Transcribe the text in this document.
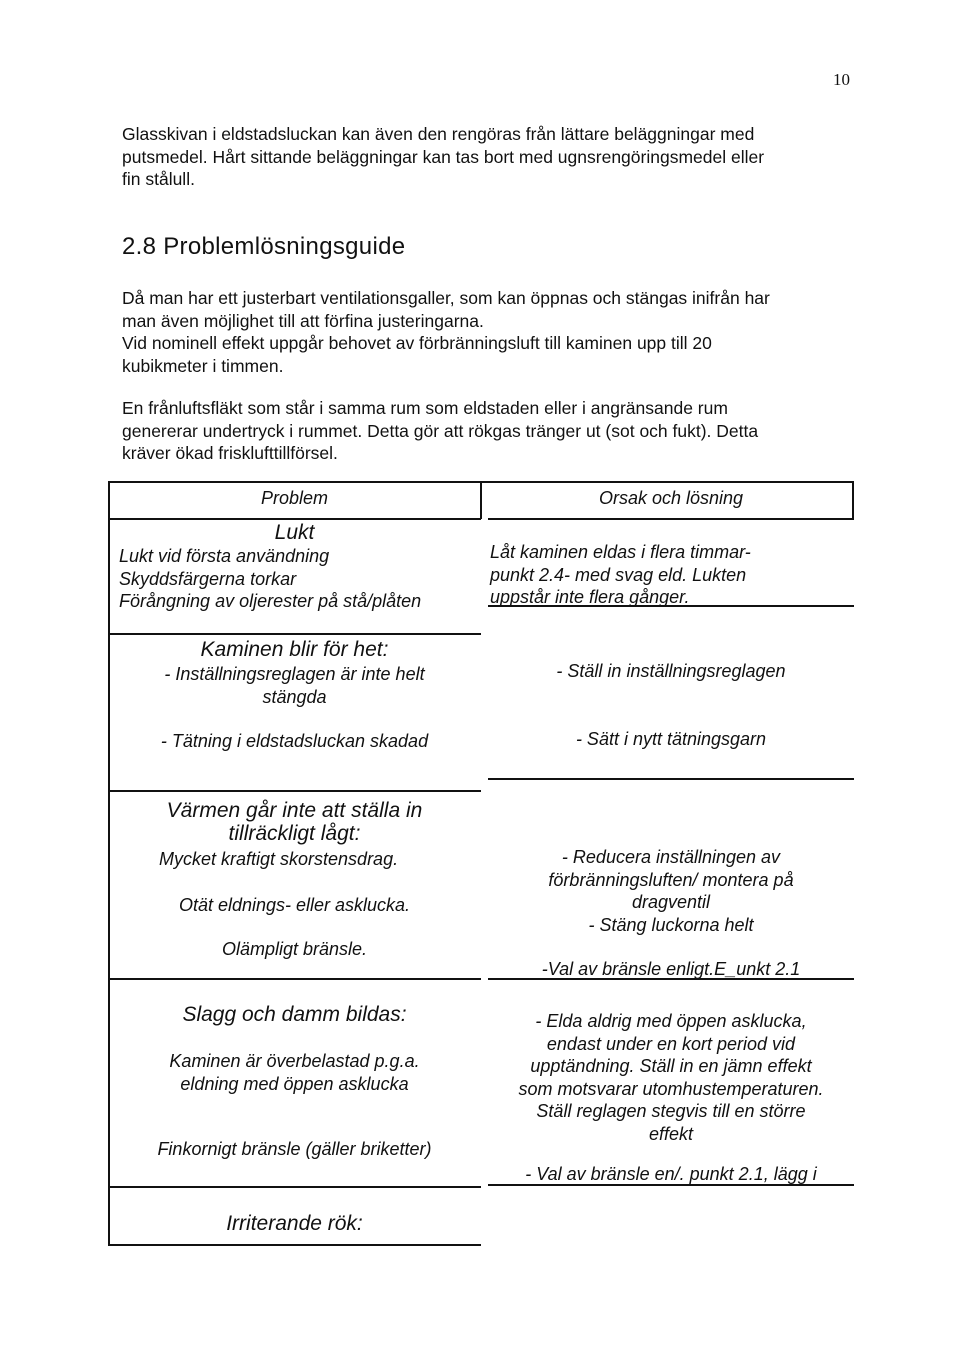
10

Glasskivan i eldstadsluckan kan även den rengöras från lättare beläggningar med
putsmedel. Hårt sittande beläggningar kan tas bort med ugnsrengöringsmedel eller
fin stålull.

2.8 Problemlösningsguide

Då man har ett justerbart ventilationsgaller, som kan öppnas och stängas inifrån har
man även möjlighet till att förfina justeringarna.
Vid nominell effekt uppgår behovet av förbränningsluft till kaminen upp till 20
kubikmeter i timmen.

En frånluftsfläkt som står i samma rum som eldstaden eller i angränsande rum
genererar undertryck i rummet. Detta gör att rökgas tränger ut (sot och fukt). Detta
kräver ökad frisklufttillförsel.

Problem	Orsak och lösning
Lukt
Lukt vid första användning
Skyddsfärgerna torkar
Förångning av oljerester på stå/plåten
Låt kaminen eldas i flera timmar-
punkt 2.4- med svag eld. Lukten
uppstår inte flera gånger.
Kaminen blir för het:
- Inställningsreglagen är inte helt
stängda
- Tätning i eldstadsluckan skadad
- Ställ in inställningsreglagen
- Sätt i nytt tätningsgarn
Värmen går inte att ställa in
tillräckligt lågt:
Mycket kraftigt skorstensdrag.
Otät eldnings- eller asklucka.
Olämpligt bränsle.
- Reducera inställningen av
förbränningsluften/ montera på
dragventil
- Stäng luckorna helt
-Val av bränsle enligt.E_unkt 2.1
Slagg och damm bildas:
Kaminen är överbelastad p.g.a.
eldning med öppen asklucka
Finkornigt bränsle (gäller briketter)
- Elda aldrig med öppen asklucka,
endast under en kort period vid
upptändning. Ställ in en jämn effekt
som motsvarar utomhustemperaturen.
Ställ reglagen stegvis till en större
effekt
- Val av bränsle en/. punkt 2.1, lägg i
Irriterande rök:
